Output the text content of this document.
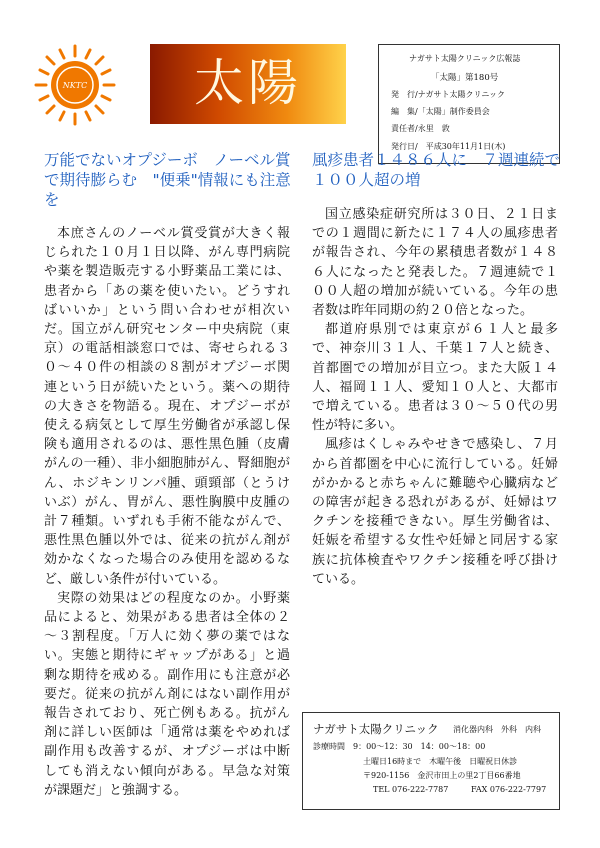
NKTC 太陽	ナガサト太陽クリニック広報誌
「太陽」第180号
発　行/ナガサト太陽クリニック
編　集/「太陽」制作委員会
責任者/永里　敦
発行日/　平成30年11月1日(木)
万能でないオプジーボ　ノーベル賞で期待膨らむ　"便乗"情報にも注意を

本庶さんのノーベル賞受賞が大きく報じられた１０月１日以降、がん専門病院や薬を製造販売する小野薬品工業には、患者から「あの薬を使いたい。どうすればいいか」という問い合わせが相次いだ。国立がん研究センター中央病院（東京）の電話相談窓口では、寄せられる３０～４０件の相談の８割がオプジーボ関連という日が続いたという。薬への期待の大きさを物語る。現在、オプジーボが使える病気として厚生労働省が承認し保険も適用されるのは、悪性黒色腫（皮膚がんの一種）、非小細胞肺がん、腎細胞がん、ホジキンリンパ腫、頭頸部（とうけいぶ）がん、胃がん、悪性胸膜中皮腫の計７種類。いずれも手術不能ながんで、悪性黒色腫以外では、従来の抗がん剤が効かなくなった場合のみ使用を認めるなど、厳しい条件が付いている。

実際の効果はどの程度なのか。小野薬品によると、効果がある患者は全体の２～３割程度。「万人に効く夢の薬ではない。実態と期待にギャップがある」と過剰な期待を戒める。副作用にも注意が必要だ。従来の抗がん剤にはない副作用が報告されており、死亡例もある。抗がん剤に詳しい医師は「通常は薬をやめれば副作用も改善するが、オプジーボは中断しても消えない傾向がある。早急な対策が課題だ」と強調する。

風疹患者１４８６人に　７週連続で１００人超の増

国立感染症研究所は３０日、２１日までの１週間に新たに１７４人の風疹患者が報告され、今年の累積患者数が１４８６人になったと発表した。７週連続で１００人超の増加が続いている。今年の患者数は昨年同期の約２０倍となった。

都道府県別では東京が６１人と最多で、神奈川３１人、千葉１７人と続き、首都圏での増加が目立つ。また大阪１４人、福岡１１人、愛知１０人と、大都市で増えている。患者は３０～５０代の男性が特に多い。

風疹はくしゃみやせきで感染し、７月から首都圏を中心に流行している。妊婦がかかると赤ちゃんに難聴や心臓病などの障害が起きる恐れがあるが、妊婦はワクチンを接種できない。厚生労働省は、妊娠を希望する女性や妊婦と同居する家族に抗体検査やワクチン接種を呼び掛けている。

ナガサト太陽クリニック 消化器内科　外科　内科
診療時間　9：00～12：30　14：00～18：00
土曜日16時まで　木曜午後　日曜祝日休診
〒920-1156　金沢市田上の里2丁目66番地
TEL 076-222-7787	FAX 076-222-7797
